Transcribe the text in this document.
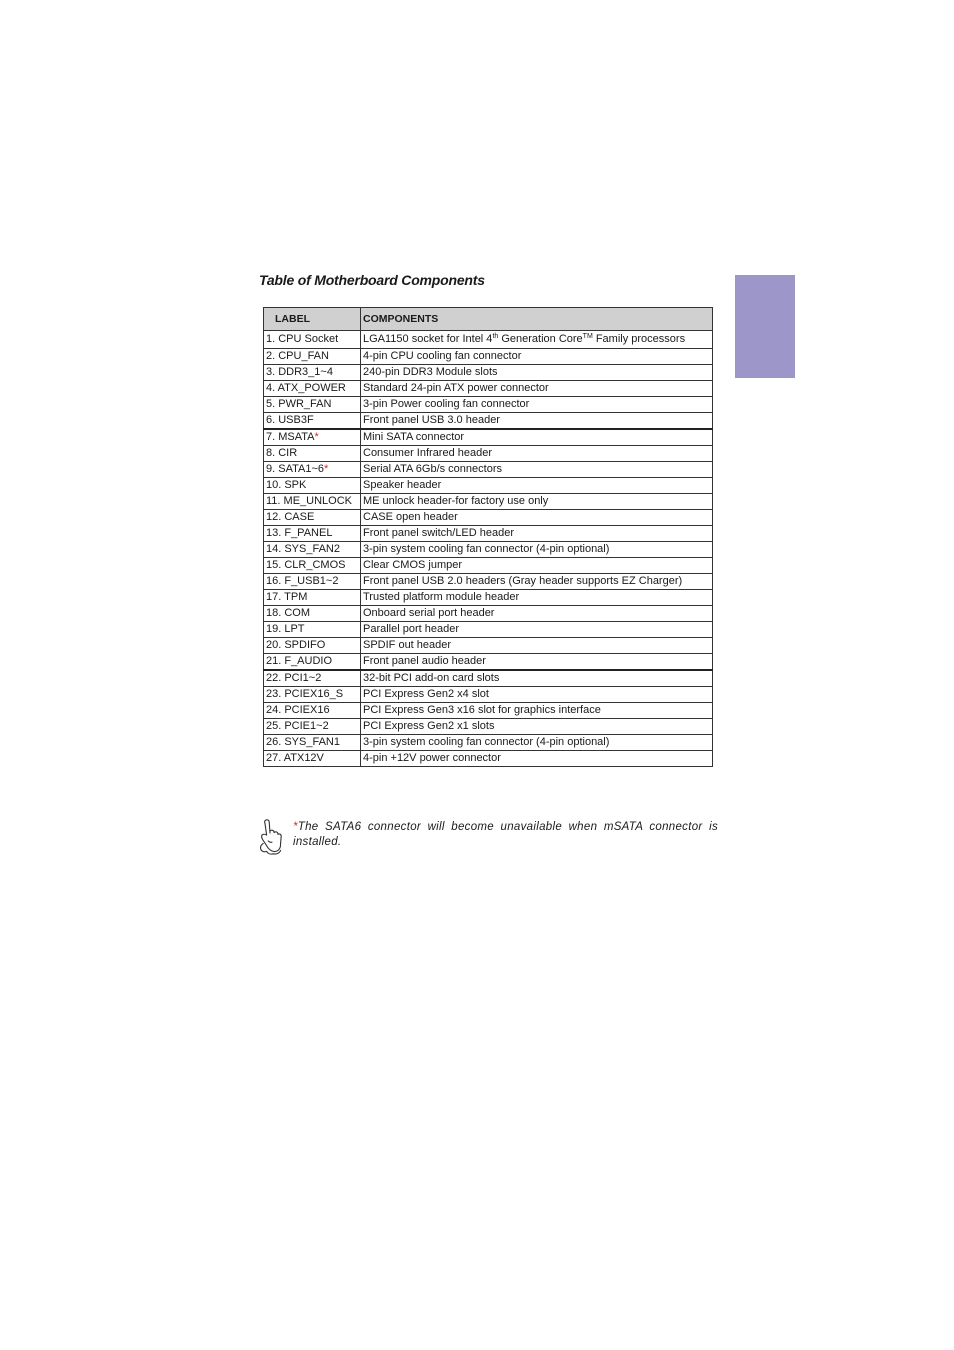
Table of Motherboard Components
LABEL	COMPONENTS
1. CPU Socket	LGA1150 socket for Intel 4th Generation Core™ Family processors
2. CPU_FAN	4-pin CPU cooling fan connector
3. DDR3_1~4	240-pin DDR3 Module slots
4. ATX_POWER	Standard 24-pin ATX power connector
5. PWR_FAN	3-pin Power cooling fan connector
6. USB3F	Front panel USB 3.0 header
7. MSATA*	Mini SATA connector
8. CIR	Consumer Infrared header
9. SATA1~6*	Serial ATA 6Gb/s connectors
10. SPK	Speaker header
11. ME_UNLOCK	ME unlock header-for factory use only
12. CASE	CASE open header
13. F_PANEL	Front panel switch/LED header
14. SYS_FAN2	3-pin system cooling fan connector (4-pin optional)
15. CLR_CMOS	Clear CMOS jumper
16. F_USB1~2	Front panel USB 2.0 headers (Gray header supports EZ Charger)
17. TPM	Trusted platform module header
18. COM	Onboard serial port header
19. LPT	Parallel port header
20. SPDIFO	SPDIF out header
21. F_AUDIO	Front panel audio header
22. PCI1~2	32-bit PCI add-on card slots
23. PCIEX16_S	PCI Express Gen2 x4 slot
24. PCIEX16	PCI Express Gen3 x16 slot for graphics interface
25. PCIE1~2	PCI Express Gen2 x1 slots
26. SYS_FAN1	3-pin system cooling fan connector (4-pin optional)
27. ATX12V	4-pin +12V power connector

*The SATA6 connector will become unavailable when mSATA connector is installed.
